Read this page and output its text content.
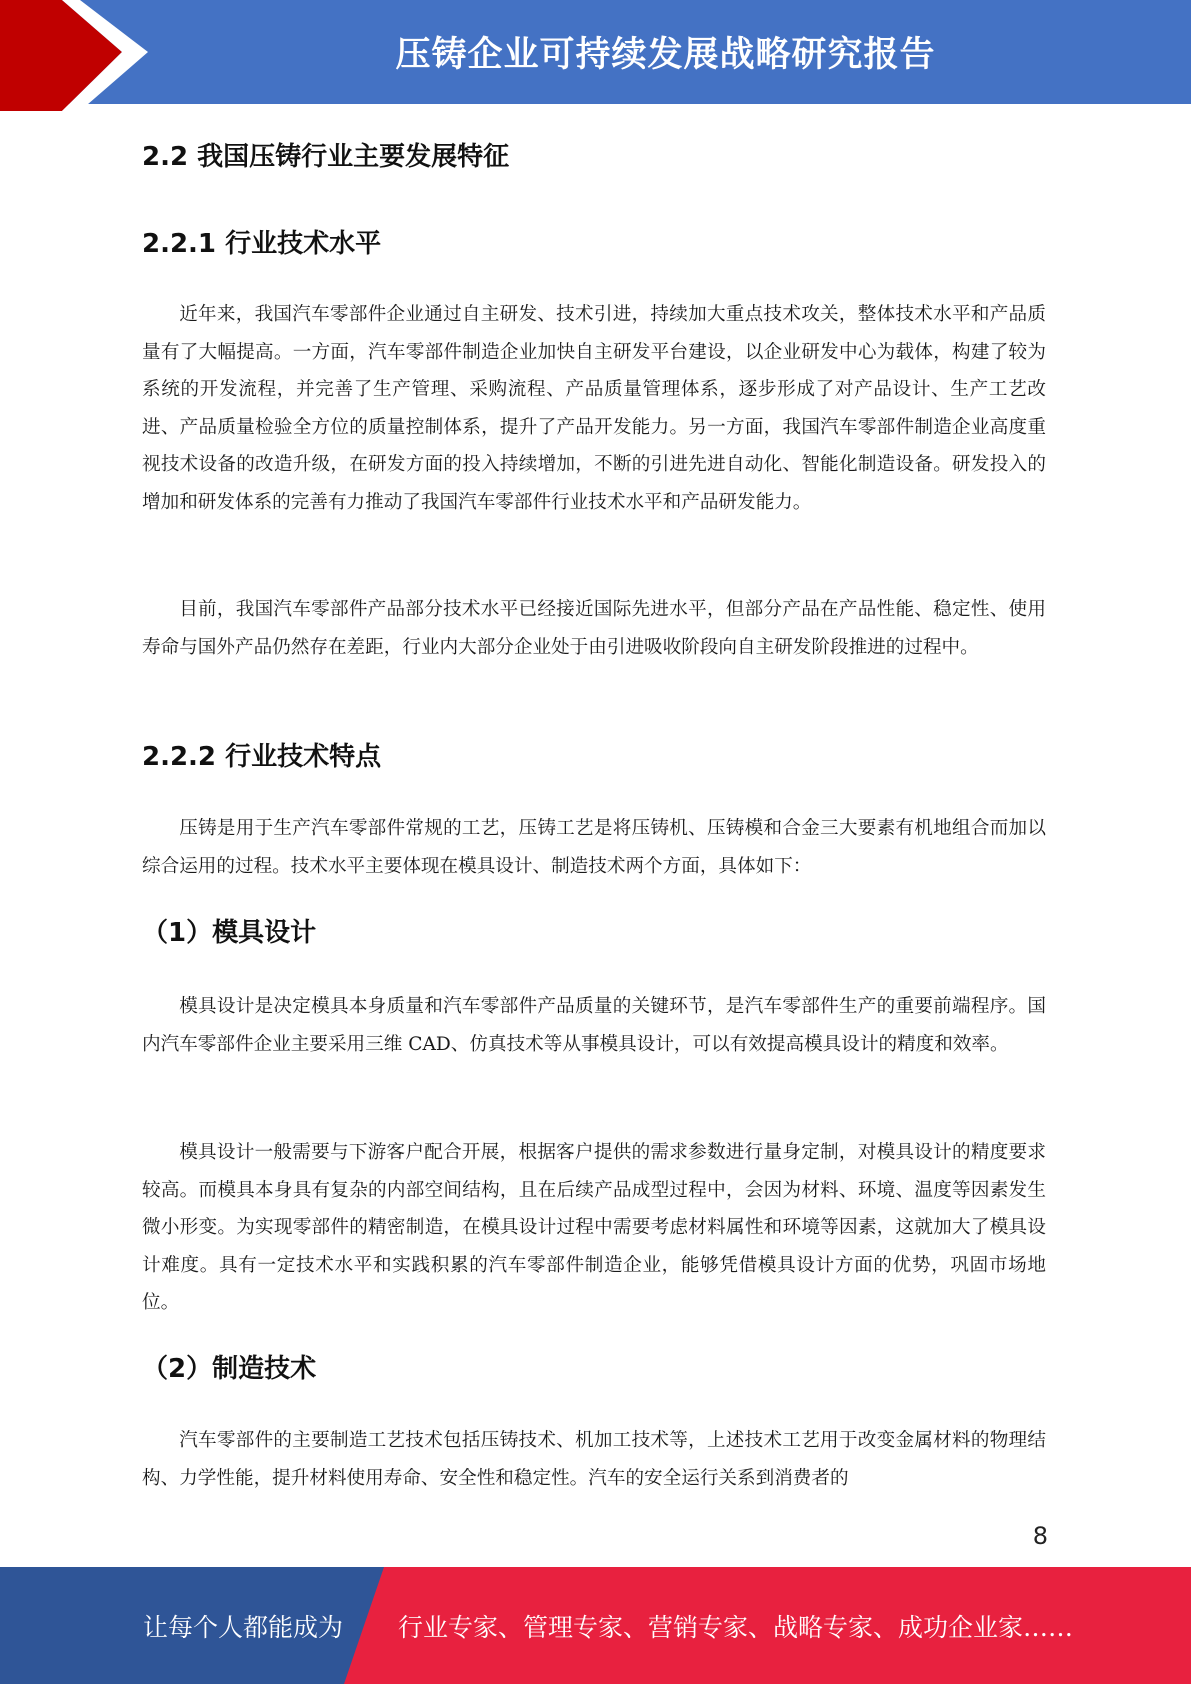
压铸企业可持续发展战略研究报告
2.2 我国压铸行业主要发展特征
2.2.1 行业技术水平

近年来，我国汽车零部件企业通过自主研发、技术引进，持续加大重点技术攻关，整体技术水平和产品质量有了大幅提高。一方面，汽车零部件制造企业加快自主研发平台建设，以企业研发中心为载体，构建了较为系统的开发流程，并完善了生产管理、采购流程、产品质量管理体系，逐步形成了对产品设计、生产工艺改进、产品质量检验全方位的质量控制体系，提升了产品开发能力。另一方面，我国汽车零部件制造企业高度重视技术设备的改造升级，在研发方面的投入持续增加，不断的引进先进自动化、智能化制造设备。研发投入的增加和研发体系的完善有力推动了我国汽车零部件行业技术水平和产品研发能力。

目前，我国汽车零部件产品部分技术水平已经接近国际先进水平，但部分产品在产品性能、稳定性、使用寿命与国外产品仍然存在差距，行业内大部分企业处于由引进吸收阶段向自主研发阶段推进的过程中。

2.2.2 行业技术特点

压铸是用于生产汽车零部件常规的工艺，压铸工艺是将压铸机、压铸模和合金三大要素有机地组合而加以综合运用的过程。技术水平主要体现在模具设计、制造技术两个方面，具体如下：

（1）模具设计

模具设计是决定模具本身质量和汽车零部件产品质量的关键环节，是汽车零部件生产的重要前端程序。国内汽车零部件企业主要采用三维 CAD、仿真技术等从事模具设计，可以有效提高模具设计的精度和效率。

模具设计一般需要与下游客户配合开展，根据客户提供的需求参数进行量身定制，对模具设计的精度要求较高。而模具本身具有复杂的内部空间结构，且在后续产品成型过程中，会因为材料、环境、温度等因素发生微小形变。为实现零部件的精密制造，在模具设计过程中需要考虑材料属性和环境等因素，这就加大了模具设计难度。具有一定技术水平和实践积累的汽车零部件制造企业，能够凭借模具设计方面的优势，巩固市场地位。

（2）制造技术

汽车零部件的主要制造工艺技术包括压铸技术、机加工技术等，上述技术工艺用于改变金属材料的物理结构、力学性能，提升材料使用寿命、安全性和稳定性。汽车的安全运行关系到消费者的

8
让每个人都能成为 行业专家、管理专家、营销专家、战略专家、成功企业家……
